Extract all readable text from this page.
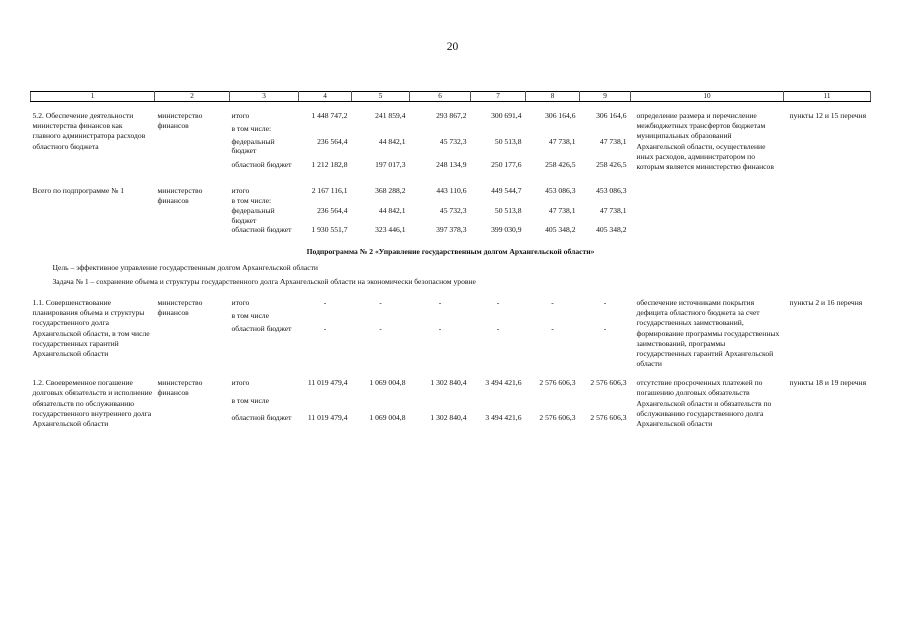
20
1	2	3	4	5	6	7	8	9	10	11

5.2. Обеспечение деятельности министерства финансов как главного администратора расходов областного бюджета	министерство финансов	итого	1 448 747,2	241 859,4	293 867,2	300 691,4	306 164,6	306 164,6	определение размера и перечисление межбюджетных трансфертов бюджетам муниципальных образований Архангельской области, осуществление иных расходов, администратором по которым является министерство финансов	пункты 12 и 15 перечня
		в том числе:								
		федеральный бюджет	236 564,4	44 842,1	45 732,3	50 513,8	47 738,1	47 738,1		
		областной бюджет	1 212 182,8	197 017,3	248 134,9	250 177,6	258 426,5	258 426,5		

Всего по подпрограмме № 1	министерство финансов	итого	2 167 116,1	368 288,2	443 110,6	449 544,7	453 086,3	453 086,3		
		в том числе:								
		федеральный бюджет	236 564,4	44 842,1	45 732,3	50 513,8	47 738,1	47 738,1		
		областной бюджет	1 930 551,7	323 446,1	397 378,3	399 030,9	405 348,2	405 348,2		

Подпрограмма № 2 «Управление государственным долгом Архангельской области»										
Цель – эффективное управление государственным долгом Архангельской области										
Задача № 1 – сохранение объема и структуры государственного долга Архангельской области на экономически безопасном уровне										

1.1. Совершенствование планирования объема и структуры государственного долга Архангельской области, в том числе государственных гарантий Архангельской области	министерство финансов	итого	-	-	-	-	-	-	обеспечение источниками покрытия дефицита областного бюджета за счет государственных заимствований, формирование программы государственных заимствований, программы государственных гарантий Архангельской области	пункты 2 и 16 перечня
		в том числе								
		областной бюджет	-	-	-	-	-	-		

1.2. Своевременное погашение долговых обязательств и исполнение обязательств по обслуживанию государственного внутреннего долга Архангельской области	министерство финансов	итого	11 019 479,4	1 069 004,8	1 302 840,4	3 494 421,6	2 576 606,3	2 576 606,3	отсутствие просроченных платежей по погашению долговых обязательств Архангельской области и обязательств по обслуживанию государственного долга Архангельской области	пункты 18 и 19 перечня
		в том числе								
		областной бюджет	11 019 479,4	1 069 004,8	1 302 840,4	3 494 421,6	2 576 606,3	2 576 606,3		
